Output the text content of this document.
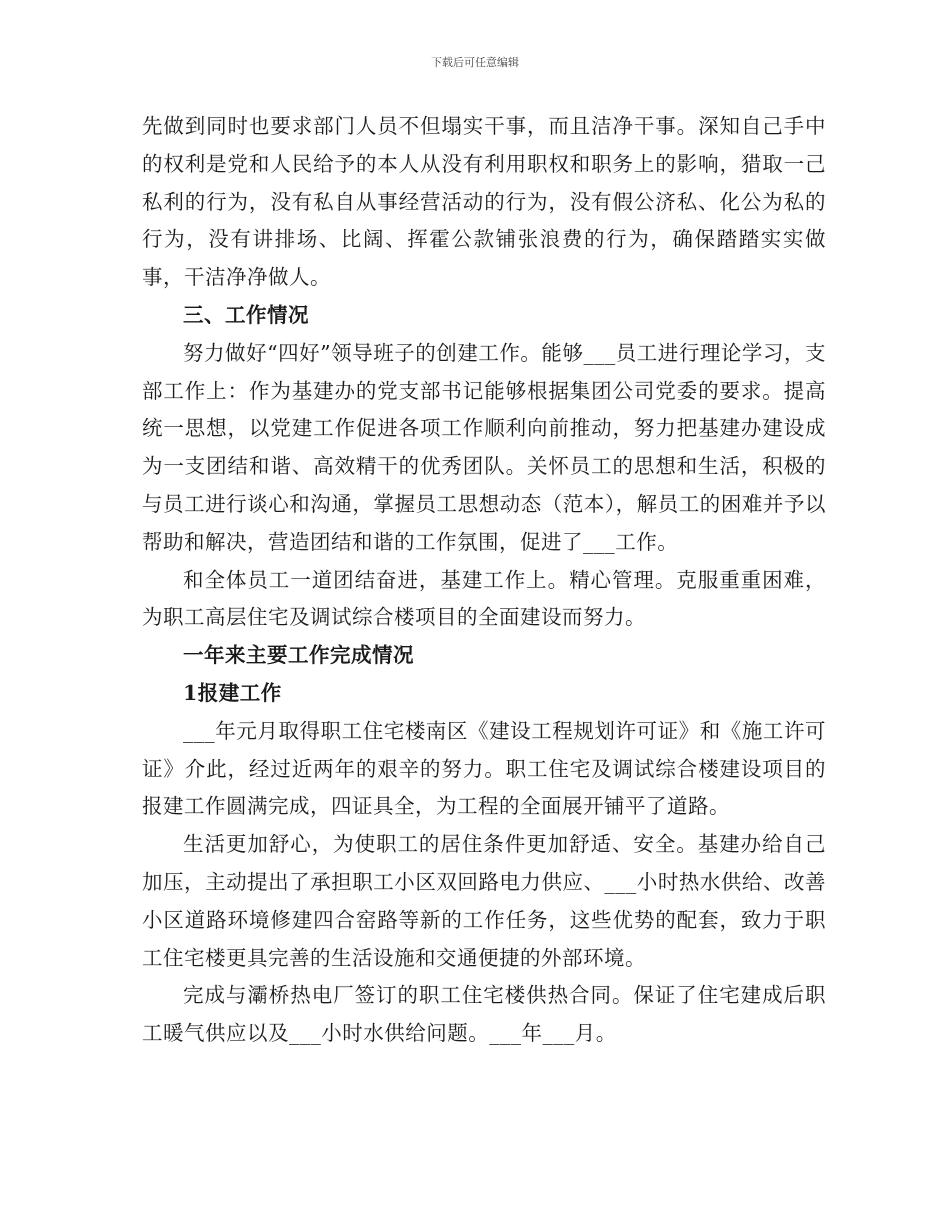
下载后可任意编辑

先做到同时也要求部门人员不但塌实干事，而且洁净干事。深知自己手中的权利是党和人民给予的本人从没有利用职权和职务上的影响，猎取一己私利的行为，没有私自从事经营活动的行为，没有假公济私、化公为私的行为，没有讲排场、比阔、挥霍公款铺张浪费的行为，确保踏踏实实做事，干洁净净做人。

三、工作情况

努力做好“四好”领导班子的创建工作。能够___员工进行理论学习，支部工作上：作为基建办的党支部书记能够根据集团公司党委的要求。提高统一思想，以党建工作促进各项工作顺利向前推动，努力把基建办建设成为一支团结和谐、高效精干的优秀团队。关怀员工的思想和生活，积极的与员工进行谈心和沟通，掌握员工思想动态（范本），解员工的困难并予以帮助和解决，营造团结和谐的工作氛围，促进了___工作。

和全体员工一道团结奋进，基建工作上。精心管理。克服重重困难，为职工高层住宅及调试综合楼项目的全面建设而努力。

一年来主要工作完成情况

1报建工作

___年元月取得职工住宅楼南区《建设工程规划许可证》和《施工许可证》介此，经过近两年的艰辛的努力。职工住宅及调试综合楼建设项目的报建工作圆满完成，四证具全，为工程的全面展开铺平了道路。

生活更加舒心，为使职工的居住条件更加舒适、安全。基建办给自己加压，主动提出了承担职工小区双回路电力供应、___小时热水供给、改善小区道路环境修建四合窑路等新的工作任务，这些优势的配套，致力于职工住宅楼更具完善的生活设施和交通便捷的外部环境。

完成与灞桥热电厂签订的职工住宅楼供热合同。保证了住宅建成后职工暖气供应以及___小时水供给问题。___年___月。
